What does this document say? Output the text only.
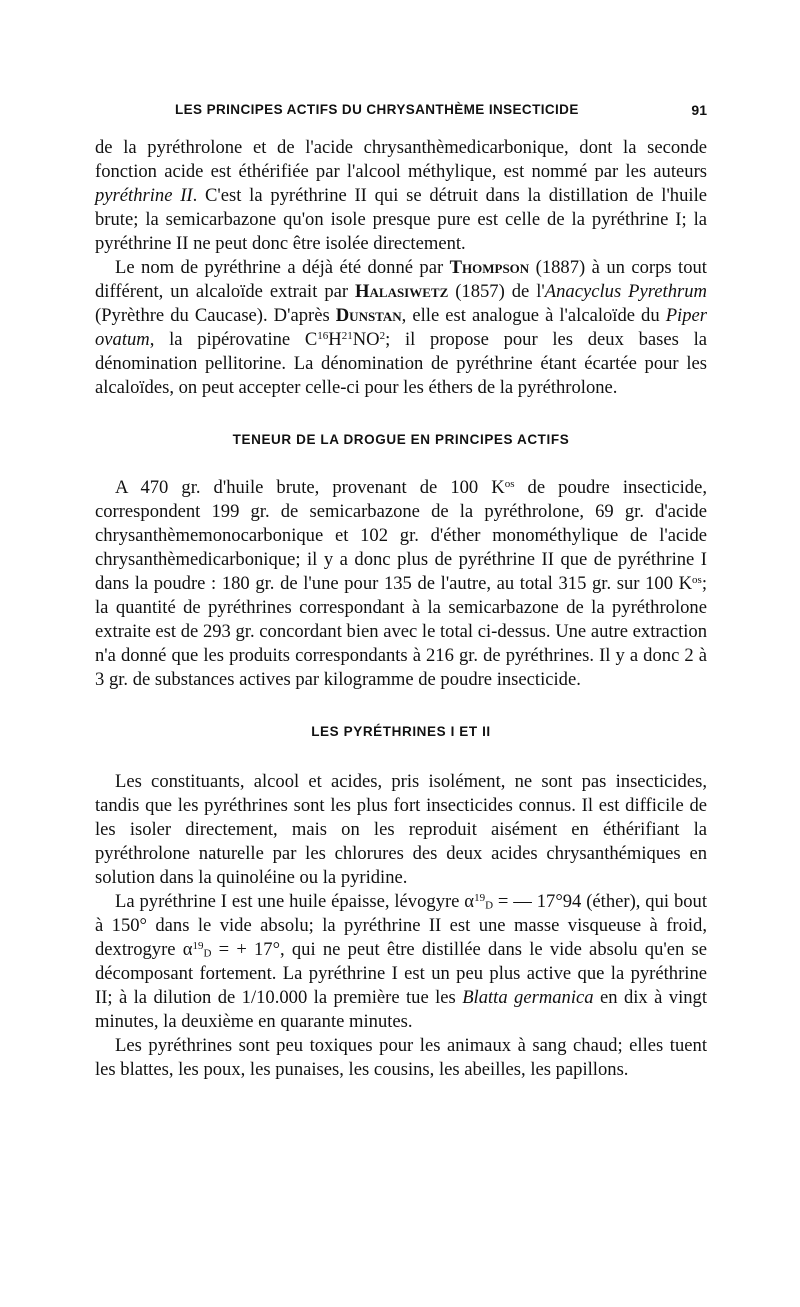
LES PRINCIPES ACTIFS DU CHRYSANTHÈME INSECTICIDE	91

de la pyréthrolone et de l'acide chrysanthèmedicarbonique, dont la seconde fonction acide est éthérifiée par l'alcool méthylique, est nommé par les auteurs pyréthrine II. C'est la pyréthrine II qui se détruit dans la distillation de l'huile brute; la semicarbazone qu'on isole presque pure est celle de la pyréthrine I; la pyréthrine II ne peut donc être isolée directement.

Le nom de pyréthrine a déjà été donné par Thompson (1887) à un corps tout différent, un alcaloïde extrait par Halasiwetz (1857) de l'Anacyclus Pyrethrum (Pyrèthre du Caucase). D'après Dunstan, elle est analogue à l'alcaloïde du Piper ovatum, la pipérovatine $C^{16}H^{21}NO^2$; il propose pour les deux bases la dénomination pellitorine. La dénomination de pyréthrine étant écartée pour les alcaloïdes, on peut accepter celle-ci pour les éthers de la pyréthrolone.

TENEUR DE LA DROGUE EN PRINCIPES ACTIFS

A 470 gr. d'huile brute, provenant de 100 $K^{os}$ de poudre insecticide, correspondent 199 gr. de semicarbazone de la pyréthrolone, 69 gr. d'acide chrysanthèmemonocarbonique et 102 gr. d'éther monométhylique de l'acide chrysanthèmedicarbonique; il y a donc plus de pyréthrine II que de pyréthrine I dans la poudre : 180 gr. de l'une pour 135 de l'autre, au total 315 gr. sur 100 $K^{os}$; la quantité de pyréthrines correspondant à la semicarbazone de la pyréthrolone extraite est de 293 gr. concordant bien avec le total ci-dessus. Une autre extraction n'a donné que les produits correspondants à 216 gr. de pyréthrines. Il y a donc 2 à 3 gr. de substances actives par kilogramme de poudre insecticide.

LES PYRÉTHRINES I ET II

Les constituants, alcool et acides, pris isolément, ne sont pas insecticides, tandis que les pyréthrines sont les plus fort insecticides connus. Il est difficile de les isoler directement, mais on les reproduit aisément en éthérifiant la pyréthrolone naturelle par les chlorures des deux acides chrysanthémiques en solution dans la quinoléine ou la pyridine.

La pyréthrine I est une huile épaisse, lévogyre $\alpha^{19}_D$ = — 17°94 (éther), qui bout à 150° dans le vide absolu; la pyréthrine II est une masse visqueuse à froid, dextrogyre $\alpha^{19}_D$ = + 17°, qui ne peut être distillée dans le vide absolu qu'en se décomposant fortement. La pyréthrine I est un peu plus active que la pyréthrine II; à la dilution de 1/10.000 la première tue les Blatta germanica en dix à vingt minutes, la deuxième en quarante minutes.

Les pyréthrines sont peu toxiques pour les animaux à sang chaud; elles tuent les blattes, les poux, les punaises, les cousins, les abeilles, les papillons.
